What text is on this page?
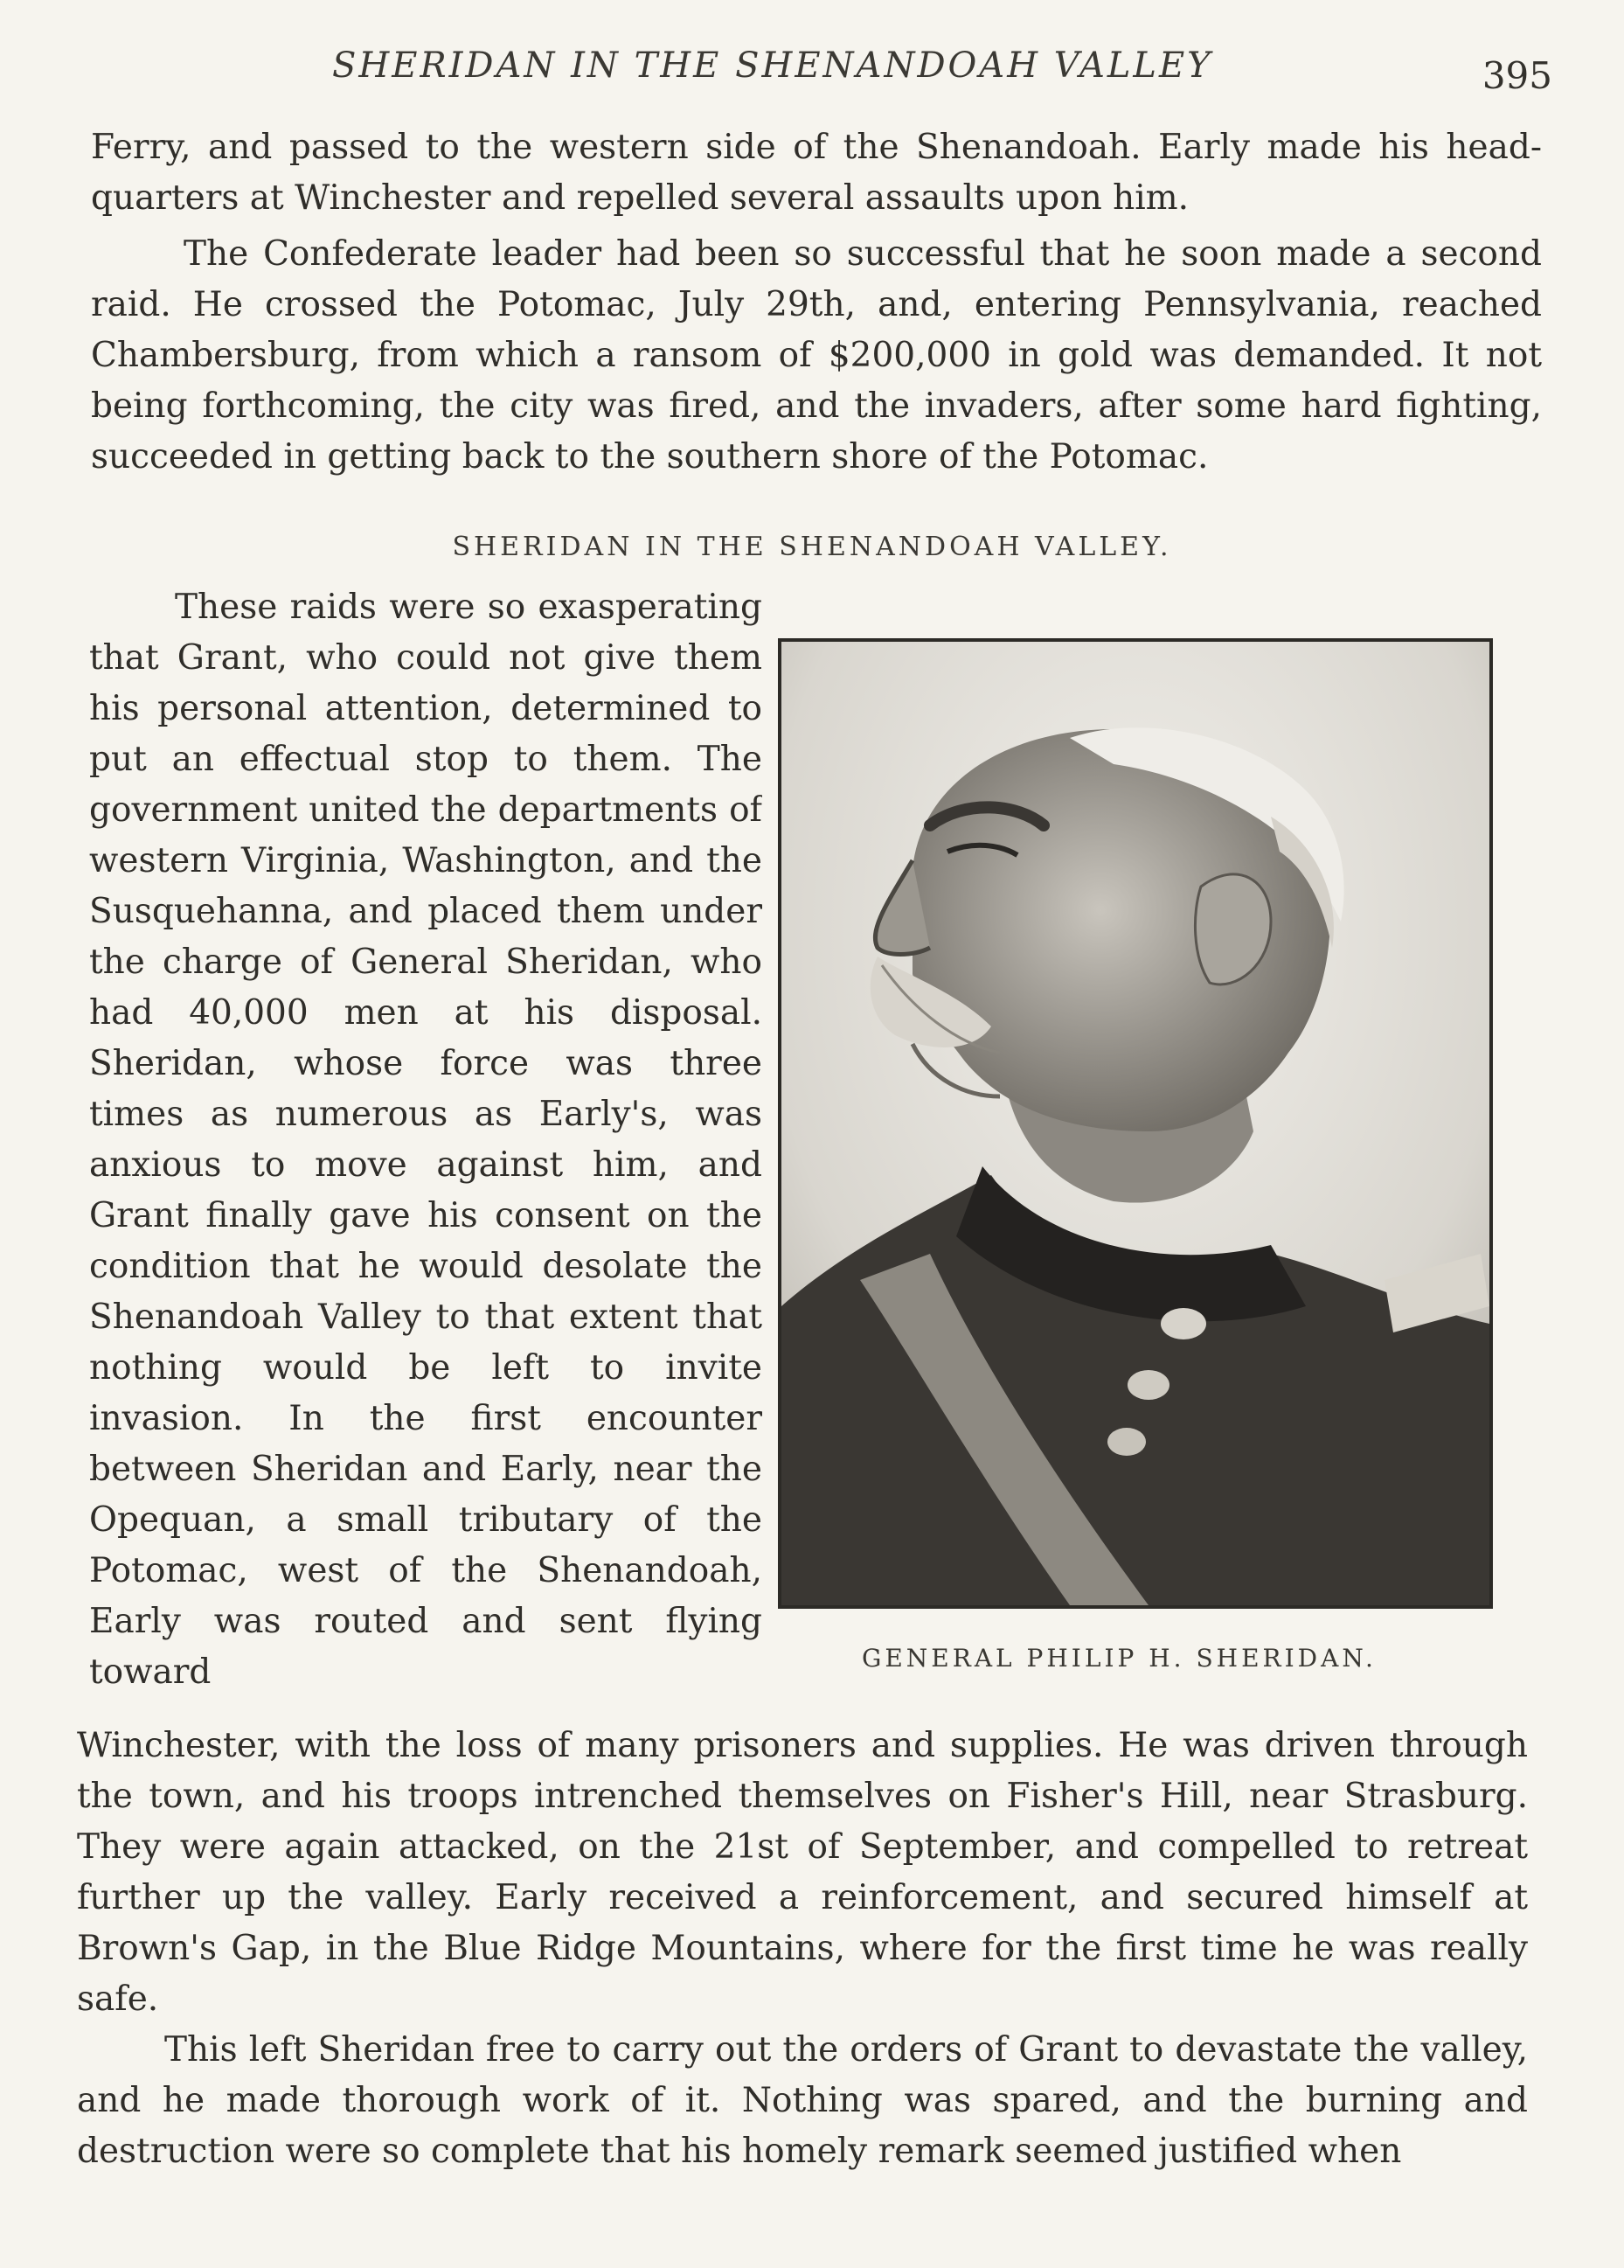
SHERIDAN IN THE SHENANDOAH VALLEY	395

Ferry, and passed to the western side of the Shenandoah. Early made his head-quarters at Winchester and repelled several assaults upon him.

The Confederate leader had been so successful that he soon made a second raid. He crossed the Potomac, July 29th, and, entering Pennsylvania, reached Chambersburg, from which a ransom of $200,000 in gold was demanded. It not being forthcoming, the city was fired, and the invaders, after some hard fighting, succeeded in getting back to the southern shore of the Potomac.

SHERIDAN IN THE SHENANDOAH VALLEY.

These raids were so exasperating that Grant, who could not give them his personal attention, determined to put an effectual stop to them. The government united the departments of western Virginia, Washington, and the Susquehanna, and placed them under the charge of General Sheridan, who had 40,000 men at his disposal. Sheridan, whose force was three times as numerous as Early's, was anxious to move against him, and Grant finally gave his consent on the condition that he would desolate the Shenandoah Valley to that extent that nothing would be left to invite invasion. In the first encounter between Sheridan and Early, near the Opequan, a small tributary of the Potomac, west of the Shenandoah, Early was routed and sent flying toward	GENERAL PHILIP H. SHERIDAN.

Winchester, with the loss of many prisoners and supplies. He was driven through the town, and his troops intrenched themselves on Fisher's Hill, near Strasburg. They were again attacked, on the 21st of September, and compelled to retreat further up the valley. Early received a reinforcement, and secured himself at Brown's Gap, in the Blue Ridge Mountains, where for the first time he was really safe.

This left Sheridan free to carry out the orders of Grant to devastate the valley, and he made thorough work of it. Nothing was spared, and the burning and destruction were so complete that his homely remark seemed justified when
